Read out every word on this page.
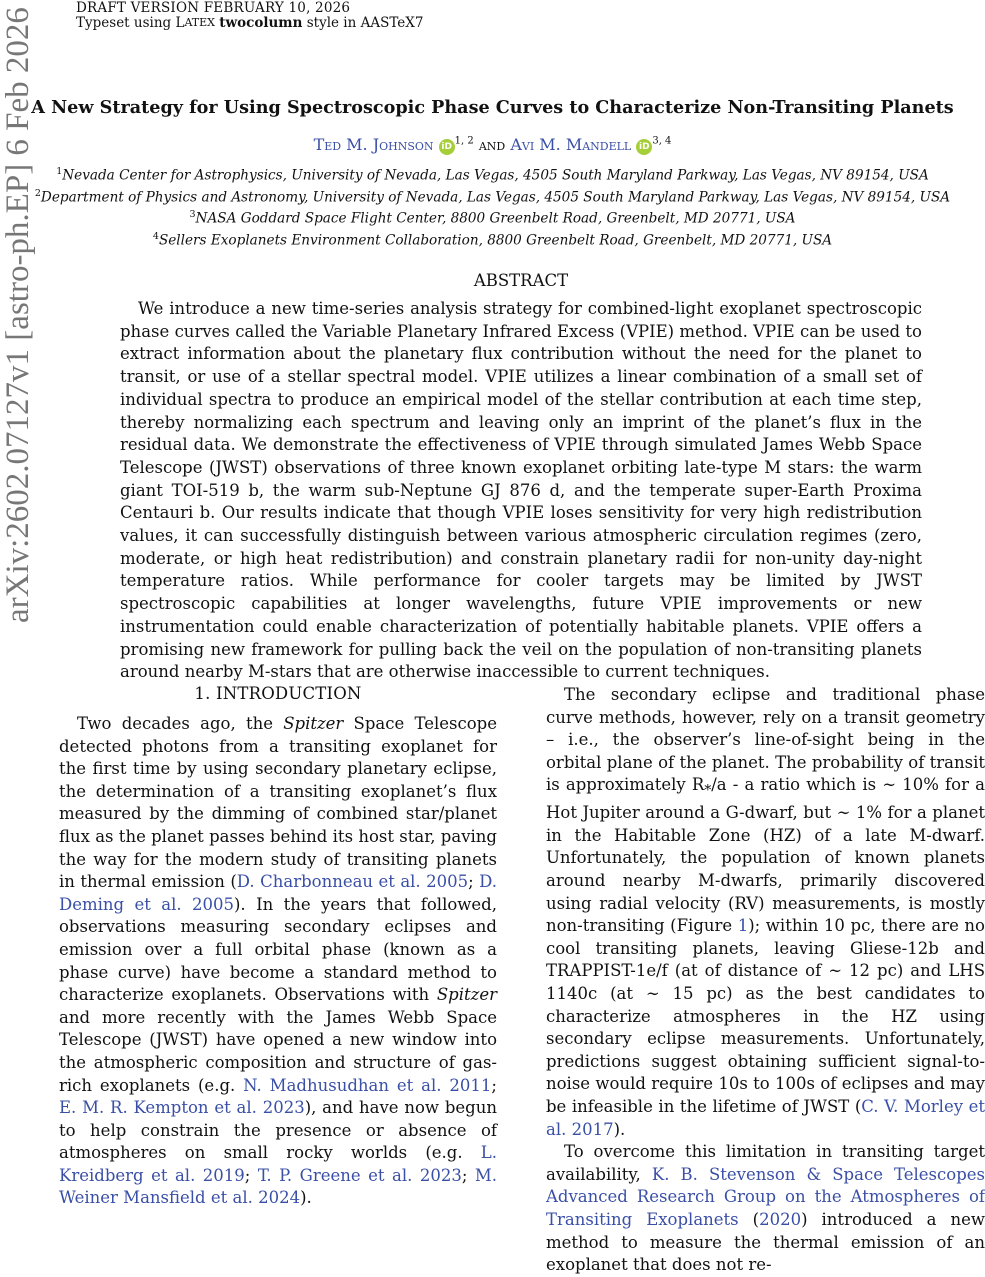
DRAFT VERSION FEBRUARY 10, 2026
Typeset using LATEX twocolumn style in AASTeX7
arXiv:2602.07127v1 [astro-ph.EP] 6 Feb 2026
A New Strategy for Using Spectroscopic Phase Curves to Characterize Non-Transiting Planets
Ted M. Johnson iD$^{1, 2}$ and Avi M. Mandell iD$^{3, 4}$
$^1$Nevada Center for Astrophysics, University of Nevada, Las Vegas, 4505 South Maryland Parkway, Las Vegas, NV 89154, USA
$^2$Department of Physics and Astronomy, University of Nevada, Las Vegas, 4505 South Maryland Parkway, Las Vegas, NV 89154, USA
$^3$NASA Goddard Space Flight Center, 8800 Greenbelt Road, Greenbelt, MD 20771, USA
$^4$Sellers Exoplanets Environment Collaboration, 8800 Greenbelt Road, Greenbelt, MD 20771, USA
ABSTRACT
We introduce a new time-series analysis strategy for combined-light exoplanet spectroscopic phase curves called the Variable Planetary Infrared Excess (VPIE) method. VPIE can be used to extract information about the planetary flux contribution without the need for the planet to transit, or use of a stellar spectral model. VPIE utilizes a linear combination of a small set of individual spectra to produce an empirical model of the stellar contribution at each time step, thereby normalizing each spectrum and leaving only an imprint of the planet’s flux in the residual data. We demonstrate the effectiveness of VPIE through simulated James Webb Space Telescope (JWST) observations of three known exoplanet orbiting late-type M stars: the warm giant TOI-519 b, the warm sub-Neptune GJ 876 d, and the temperate super-Earth Proxima Centauri b. Our results indicate that though VPIE loses sensitivity for very high redistribution values, it can successfully distinguish between various atmospheric circulation regimes (zero, moderate, or high heat redistribution) and constrain planetary radii for non-unity day-night temperature ratios. While performance for cooler targets may be limited by JWST spectroscopic capabilities at longer wavelengths, future VPIE improvements or new instrumentation could enable characterization of potentially habitable planets. VPIE offers a promising new framework for pulling back the veil on the population of non-transiting planets around nearby M-stars that are otherwise inaccessible to current techniques.
1. INTRODUCTION

Two decades ago, the Spitzer Space Telescope detected photons from a transiting exoplanet for the first time by using secondary planetary eclipse, the determination of a transiting exoplanet’s flux measured by the dimming of combined star/planet flux as the planet passes behind its host star, paving the way for the modern study of transiting planets in thermal emission (D. Charbonneau et al. 2005; D. Deming et al. 2005). In the years that followed, observations measuring secondary eclipses and emission over a full orbital phase (known as a phase curve) have become a standard method to characterize exoplanets. Observations with Spitzer and more recently with the James Webb Space Telescope (JWST) have opened a new window into the atmospheric composition and structure of gas-rich exoplanets (e.g. N. Madhusudhan et al. 2011; E. M. R. Kempton et al. 2023), and have now begun to help constrain the presence or absence of atmospheres on small rocky worlds (e.g. L. Kreidberg et al. 2019; T. P. Greene et al. 2023; M. Weiner Mansfield et al. 2024).

The secondary eclipse and traditional phase curve methods, however, rely on a transit geometry – i.e., the observer’s line-of-sight being in the orbital plane of the planet. The probability of transit is approximately $R_*/a$ - a ratio which is ∼ 10% for a Hot Jupiter around a G-dwarf, but ∼ 1% for a planet in the Habitable Zone (HZ) of a late M-dwarf. Unfortunately, the population of known planets around nearby M-dwarfs, primarily discovered using radial velocity (RV) measurements, is mostly non-transiting (Figure 1); within 10 pc, there are no cool transiting planets, leaving Gliese-12b and TRAPPIST-1e/f (at of distance of ∼ 12 pc) and LHS 1140c (at ∼ 15 pc) as the best candidates to characterize atmospheres in the HZ using secondary eclipse measurements. Unfortunately, predictions suggest obtaining sufficient signal-to-noise would require 10s to 100s of eclipses and may be infeasible in the lifetime of JWST (C. V. Morley et al. 2017).

To overcome this limitation in transiting target availability, K. B. Stevenson & Space Telescopes Advanced Research Group on the Atmospheres of Transiting Exoplanets (2020) introduced a new method to measure the thermal emission of an exoplanet that does not re-
